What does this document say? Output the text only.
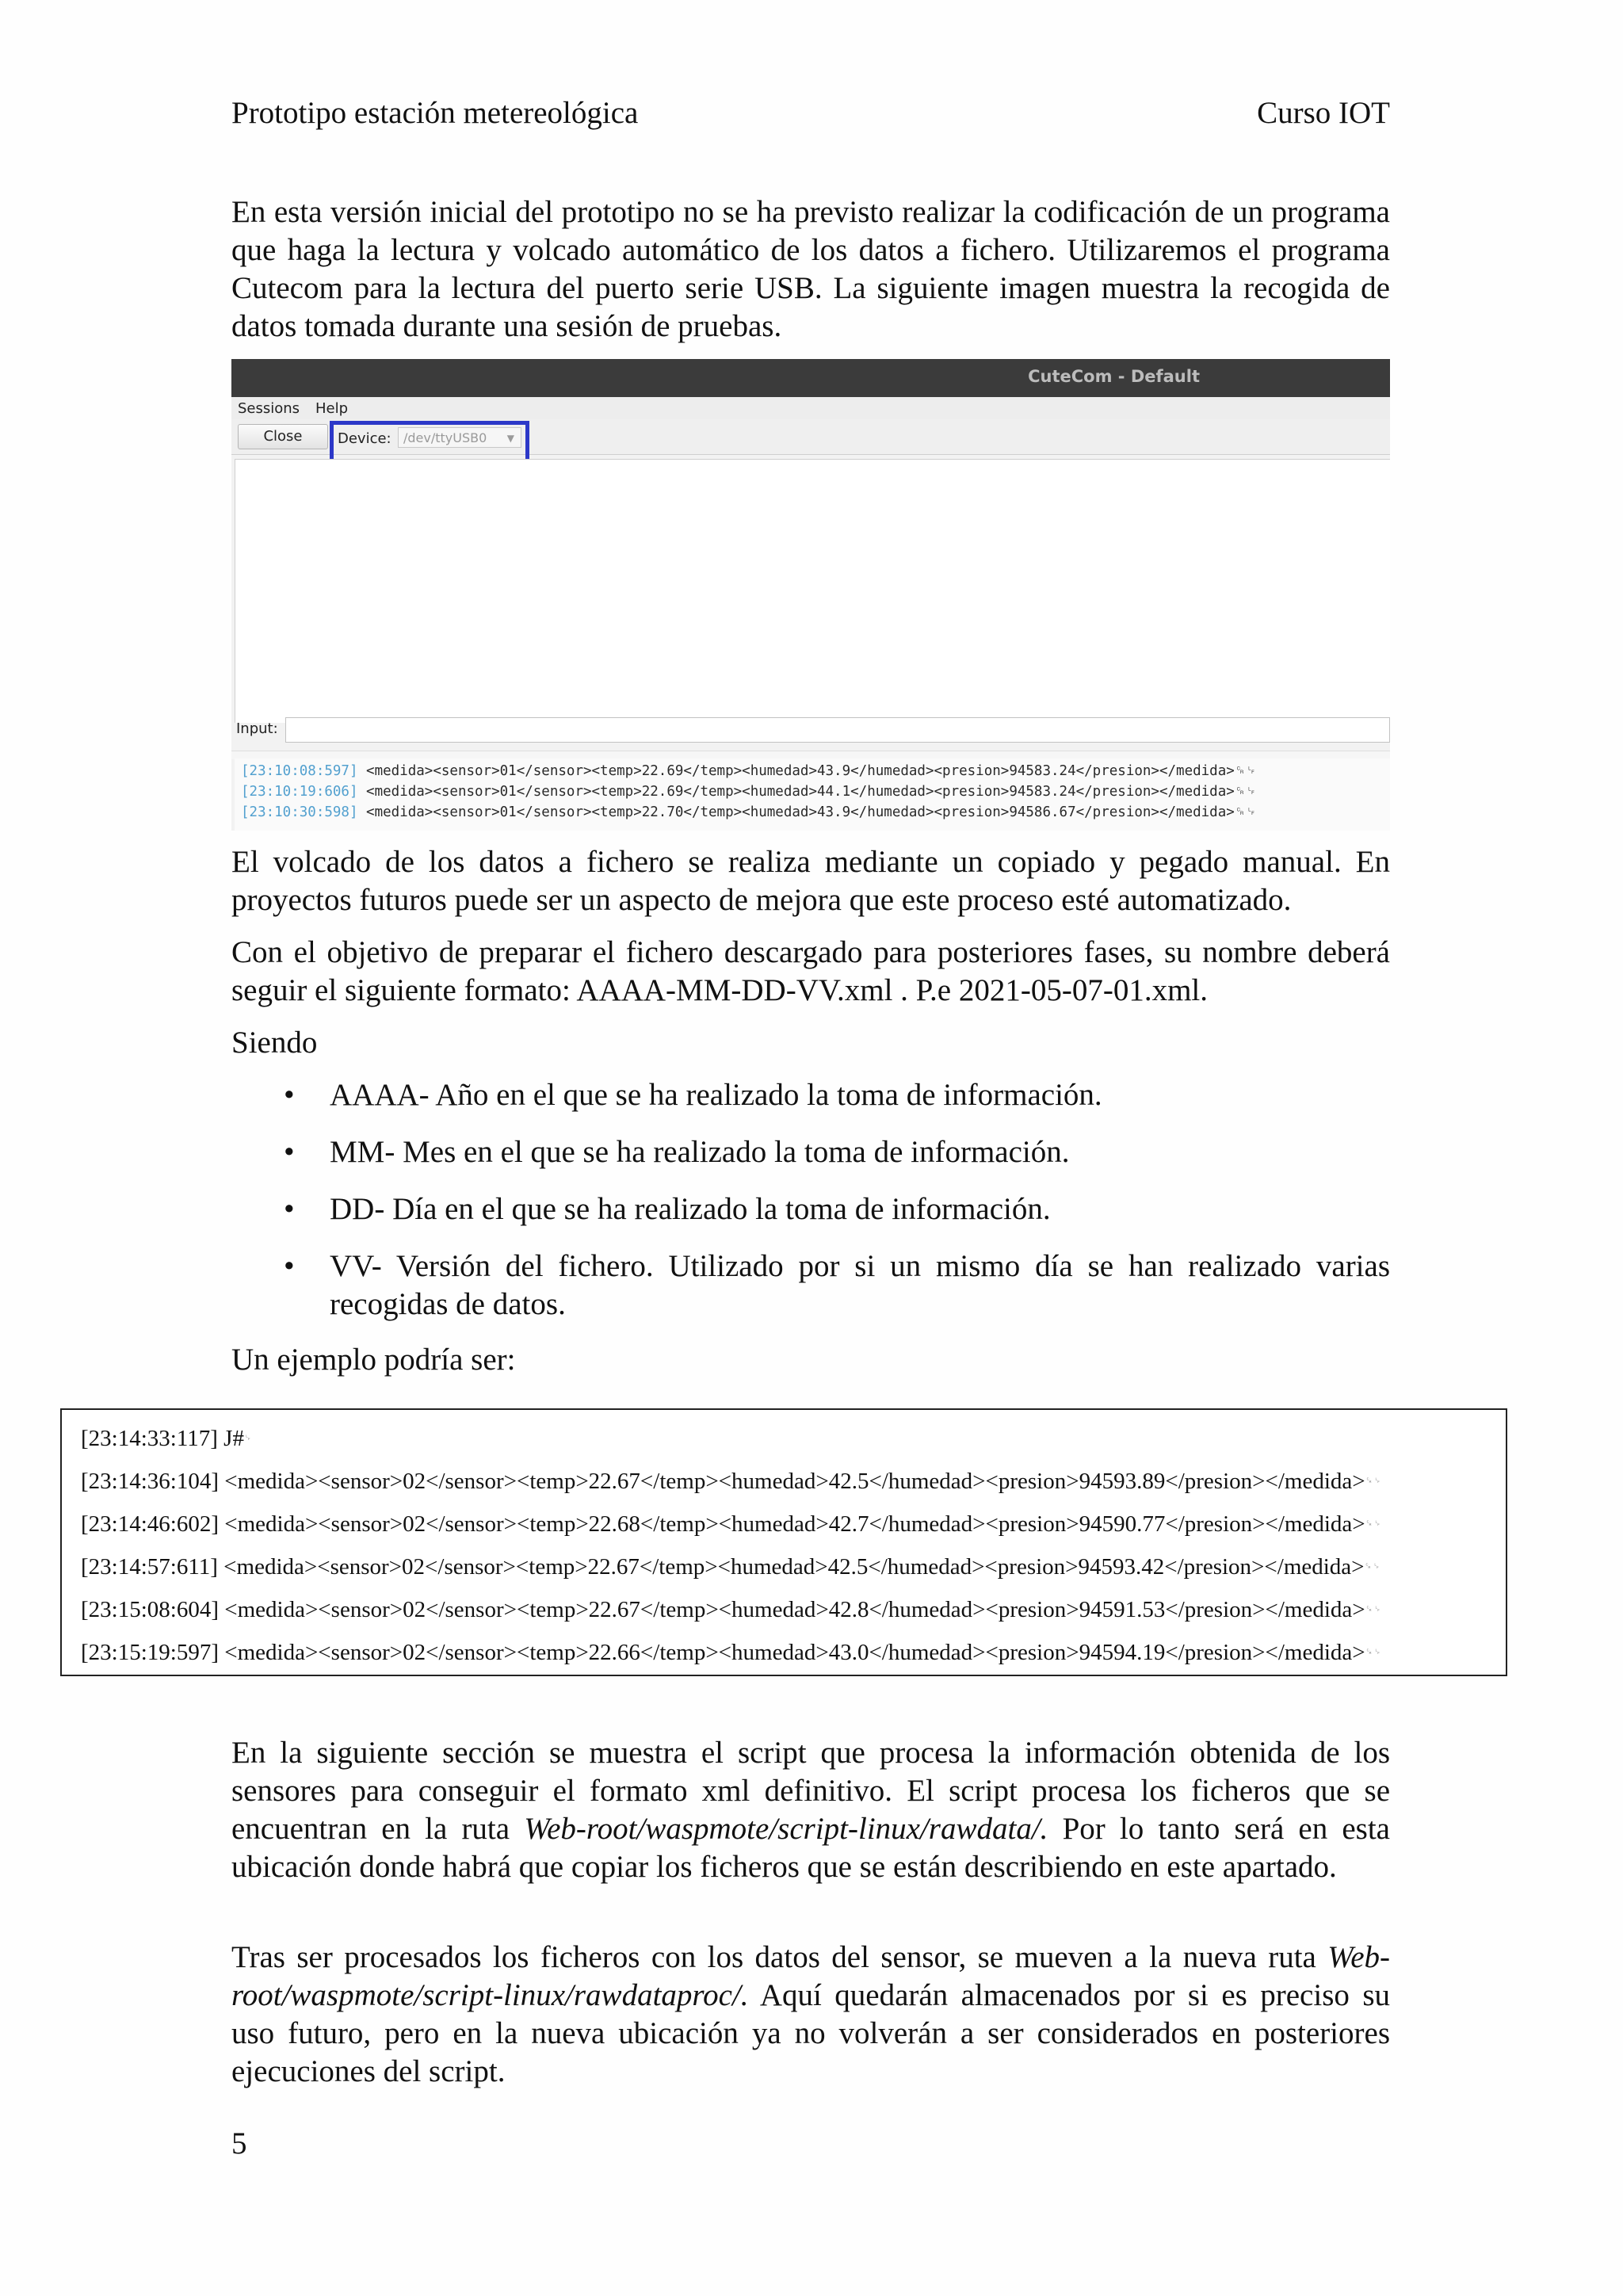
Prototipo estación metereológica	Curso IOT

En esta versión inicial del prototipo no se ha previsto realizar la codificación de un programa que haga la lectura y volcado automático de los datos a fichero. Utilizaremos el programa Cutecom para la lectura del puerto serie USB. La siguiente imagen muestra la recogida de datos tomada durante una sesión de pruebas.

CuteCom - Default
Sessions Help
Close	Device: /dev/ttyUSB0 ▼
Input:
[23:10:08:597] <medida><sensor>01</sensor><temp>22.69</temp><humedad>43.9</humedad><presion>94583.24</presion></medida>␍␊
[23:10:19:606] <medida><sensor>01</sensor><temp>22.69</temp><humedad>44.1</humedad><presion>94583.24</presion></medida>␍␊
[23:10:30:598] <medida><sensor>01</sensor><temp>22.70</temp><humedad>43.9</humedad><presion>94586.67</presion></medida>␍␊

El volcado de los datos a fichero se realiza mediante un copiado y pegado manual. En proyectos futuros puede ser un aspecto de mejora que este proceso esté automatizado.

Con el objetivo de preparar el fichero descargado para posteriores fases, su nombre deberá seguir el siguiente formato: AAAA-MM-DD-VV.xml . P.e 2021-05-07-01.xml.

Siendo

• AAAA- Año en el que se ha realizado la toma de información.
• MM- Mes en el que se ha realizado la toma de información.
• DD- Día en el que se ha realizado la toma de información.
• VV- Versión del fichero. Utilizado por si un mismo día se han realizado varias recogidas de datos.

Un ejemplo podría ser:

[23:14:33:117] J#␊
[23:14:36:104] <medida><sensor>02</sensor><temp>22.67</temp><humedad>42.5</humedad><presion>94593.89</presion></medida>␍␊
[23:14:46:602] <medida><sensor>02</sensor><temp>22.68</temp><humedad>42.7</humedad><presion>94590.77</presion></medida>␍␊
[23:14:57:611] <medida><sensor>02</sensor><temp>22.67</temp><humedad>42.5</humedad><presion>94593.42</presion></medida>␍␊
[23:15:08:604] <medida><sensor>02</sensor><temp>22.67</temp><humedad>42.8</humedad><presion>94591.53</presion></medida>␍␊
[23:15:19:597] <medida><sensor>02</sensor><temp>22.66</temp><humedad>43.0</humedad><presion>94594.19</presion></medida>␍␊

En la siguiente sección se muestra el script que procesa la información obtenida de los sensores para conseguir el formato xml definitivo. El script procesa los ficheros que se encuentran en la ruta Web-root/waspmote/script-linux/rawdata/. Por lo tanto será en esta ubicación donde habrá que copiar los ficheros que se están describiendo en este apartado.

Tras ser procesados los ficheros con los datos del sensor, se mueven a la nueva ruta Web-root/waspmote/script-linux/rawdataproc/. Aquí quedarán almacenados por si es preciso su uso futuro, pero en la nueva ubicación ya no volverán a ser considerados en posteriores ejecuciones del script.

5
